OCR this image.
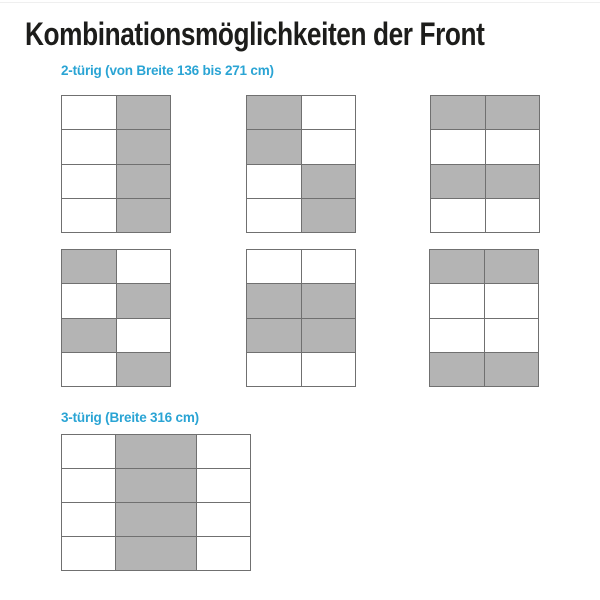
Kombinationsmöglichkeiten der Front
2-türig (von Breite 136 bis 271 cm)
3-türig (Breite 316 cm)
